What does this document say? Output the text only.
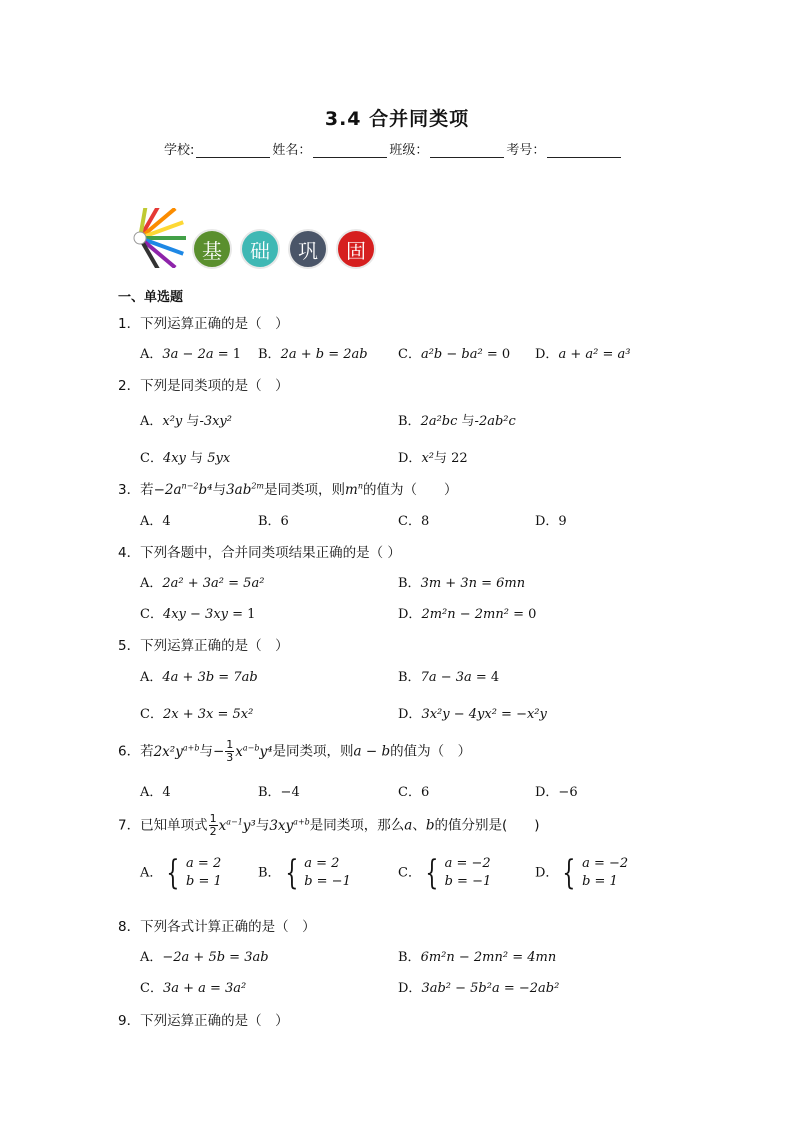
3.4 合并同类项
学校:	姓名：	班级：	考号：
基	础	巩	固
一、单选题
1．下列运算正确的是（　）
A．3a − 2a = 1 B．2a + b = 2ab C．a²b − ba² = 0 D．a + a² = a³
2．下列是同类项的是（　）
A．x²y 与-3xy²	B．2a²bc 与-2ab²c
C．4xy 与 5yx	D．x²与 22
3．若$-2a^{n-2}b^4$与$3ab^{2m}$是同类项，则$m^n$的值为（　　）
A．4	B．6	C．8	D．9
4．下列各题中，合并同类项结果正确的是（ ）
A．2a² + 3a² = 5a²	B．3m + 3n = 6mn
C．4xy − 3xy = 1	D．2m²n − 2mn² = 0
5．下列运算正确的是（　）
A．4a + 3b = 7ab	B．7a − 3a = 4
C．2x + 3x = 5x²	D．3x²y − 4yx² = −x²y
6．若$2x^2y^{a+b}$与− $\frac{1}{3} x^{a-b}y^4$是同类项，则a − b的值为（　）
A．4	B．−4	C．6	D．−6
7．已知单项式 $\frac{1}{2} x^{a-1}y^3$与$3xy^{a+b}$是同类项，那么a、b的值分别是(　　)
A． { a = 2
b = 1
B． { a = 2
b = −1
C． { a = −2
b = −1
D． { a = −2
b = 1
8．下列各式计算正确的是（　）
A．−2a + 5b = 3ab	B．6m²n − 2mn² = 4mn
C．3a + a = 3a²	D．3ab² − 5b²a = −2ab²
9．下列运算正确的是（　）
